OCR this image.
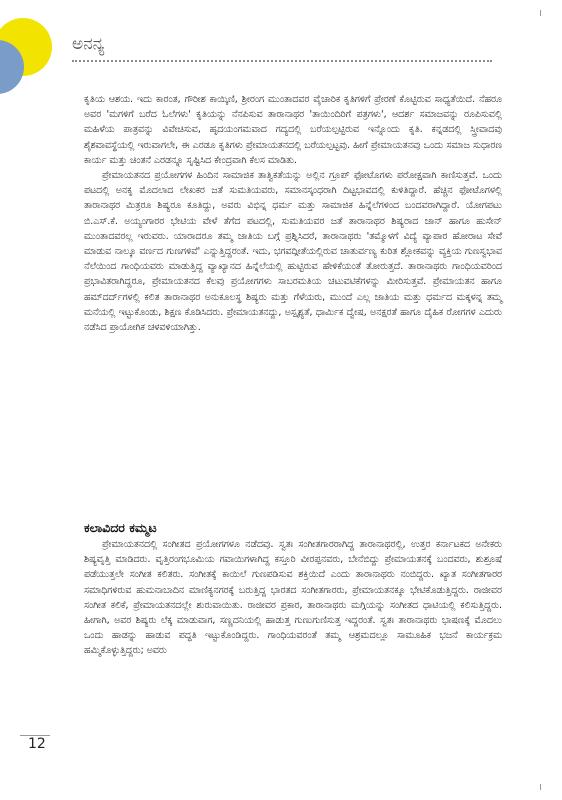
ಅನನ್ಯ

ಕೃತಿಯ ಆಶಯ. ಇದು ಕಾರಂತ, ಗೌರೀಶ ಕಾಯ್ಕಿಣಿ, ಶ್ರೀರಂಗ ಮುಂತಾದವರ ವೈಚಾರಿಕ ಕೃತಿಗಳಿಗೆ ಪ್ರೇರಣೆ ಕೊಟ್ಟಿರುವ ಸಾಧ್ಯತೆಯಿದೆ. ನೆಹರೂ ಅವರ 'ಮಗಳಿಗೆ ಬರೆದ ಓಲೆಗಳು' ಕೃತಿಯನ್ನು ನೆನಪಿಸುವ ತಾರಾನಾಥರ 'ತಾಯಿಂದಿರಿಗೆ ಪತ್ರಗಳು', ಆದರ್ಶ ಸಮಾಜವನ್ನು ರೂಪಿಸುವಲ್ಲಿ ಮಹಿಳೆಯ ಪಾತ್ರವನ್ನು ವಿವೇಚಿಸುವ, ಹೃದಯಂಗಮವಾದ ಗದ್ಯದಲ್ಲಿ ಬರೆಯಲ್ಪಟ್ಟಿರುವ ಇನ್ನೊಂದು ಕೃತಿ. ಕನ್ನಡದಲ್ಲಿ ಸ್ತ್ರೀವಾದವು ಶೈಶವಾವಸ್ಥೆಯಲ್ಲಿ ಇರುವಾಗಲೇ, ಈ ಎರಡೂ ಕೃತಿಗಳು ಪ್ರೇಮಾಯತನದಲ್ಲಿ ಬರೆಯಲ್ಪಟ್ಟವು. ಹೀಗೆ ಪ್ರೇಮಾಯತನವು ಒಂದು ಸಮಾಜ ಸುಧಾರಣ ಕಾರ್ಯ ಮತ್ತು ಚಿಂತನೆ ಎರಡನ್ನೂ ಸೃಷ್ಟಿಸಿದ ಕೇಂದ್ರವಾಗಿ ಕೆಲಸ ಮಾಡಿತು.

ಪ್ರೇಮಾಯತನದ ಪ್ರಯೋಗಗಳ ಹಿಂದಿನ ಸಾಮಾಜಿಕ ತಾತ್ವಿಕತೆಯನ್ನು ಅಲ್ಲಿನ ಗ್ರೂಪ್ ಫೋಟೊಗಳು ಪರೋಕ್ಷವಾಗಿ ಕಾಣಿಸುತ್ತವೆ. ಒಂದು ಪಟದಲ್ಲಿ ಅನಕೃ ಮೊದಲಾದ ಲೇಖಕರ ಜತೆ ಸುಮತಿಯವರು, ಸಮಾನಸ್ಕಂಧರಾಗಿ ದಿಟ್ಟಭಾವದಲ್ಲಿ ಕುಳಿತಿದ್ದಾರೆ. ಹೆಚ್ಚಿನ ಫೋಟೊಗಳಲ್ಲಿ ತಾರಾನಾಥರ ಮಿತ್ರರೂ ಶಿಷ್ಯರೂ ಕೂತಿದ್ದು, ಅವರು ವಿಭಿನ್ನ ಧರ್ಮ ಮತ್ತು ಸಾಮಾಜಿಕ ಹಿನ್ನೆಲೆಗಳಿಂದ ಬಂದವರಾಗಿದ್ದಾರೆ. ಯೋಗಪಟು ಬಿ.ಎಸ್.ಕೆ. ಅಯ್ಯಂಗಾರರ ಭೇಟಿಯ ವೇಳೆ ತೆಗೆದ ಪಟದಲ್ಲಿ, ಸುಮತಿಯವರ ಜತೆ ತಾರಾನಾಥರ ಶಿಷ್ಯರಾದ ಜಾನ್ ಹಾಗೂ ಹುಸೇನ್ ಮುಂತಾದವರಲ್ಲ ಇರುವರು. ಯಾರಾದರೂ ತಮ್ಮ ಜಾತಿಯ ಬಗ್ಗೆ ಪ್ರಶ್ನಿಸಿದರೆ, ತಾರಾನಾಥರು 'ತಮ್ಮೊಳಗೆ ವಿದ್ಯೆ ವ್ಯಾಪಾರ ಹೋರಾಟ ಸೇವೆ ಮಾಡುವ ನಾಲ್ಕೂ ವರ್ಣದ ಗುಣಗಳಿವೆ' ಎನ್ನುತ್ತಿದ್ದರಂತೆ. ಇದು, ಭಗವದ್ಗೀತೆಯಲ್ಲಿರುವ ಚಾತುರ್ವಣ್ಯ ಕುರಿತ ಶ್ಲೋಕವನ್ನು ವ್ಯಕ್ತಿಯ ಗುಣಸ್ವಭಾವ ನೆಲೆಯಿಂದ ಗಾಂಧಿಯವರು ಮಾಡುತ್ತಿದ್ದ ವ್ಯಾಖ್ಯಾನದ ಹಿನ್ನೆಲೆಯಲ್ಲಿ ಹುಟ್ಟಿರುವ ಹೇಳಿಕೆಯಂತೆ ತೋರುತ್ತದೆ. ತಾರಾನಾಥರು ಗಾಂಧಿಯವರಿಂದ ಪ್ರಭಾವಿತರಾಗಿದ್ದರೂ, ಪ್ರೇಮಾಯತನದ ಕೆಲವು ಪ್ರಯೋಗಗಳು ಸಾಬರಮತಿಯ ಚಟುವಟಿಕೆಗಳನ್ನು ಮೀರಿಸುತ್ತವೆ. ಪ್ರೇಮಾಯತನ ಹಾಗೂ ಹಮ್‌ದರ್ದ್‌ಗಳಲ್ಲಿ ಕಲಿತ ತಾರಾನಾಥರ ಅನುಕೂಲಸ್ಥ ಶಿಷ್ಯರು ಮತ್ತು ಗೆಳೆಯರು, ಮುಂದೆ ಎಲ್ಲ ಜಾತಿಯ ಮತ್ತು ಧರ್ಮದ ಮಕ್ಕಳನ್ನ ತಮ್ಮ ಮನೆಯಲ್ಲಿ ಇಟ್ಟುಕೊಂಡು, ಶಿಕ್ಷಣ ಕೊಡಿಸಿದರು. ಪ್ರೇಮಾಯತನದ್ದು, ಅಸ್ಪೃಶ್ಯತೆ, ಧಾರ್ಮಿಕ ದ್ವೇಷ, ಅನಕ್ಷರತೆ ಹಾಗೂ ದೈಹಿಕ ರೋಗಗಳ ಎದುರು ನಡೆಸಿದ ಪ್ರಾಯೋಗಿಕ ಚಳವಳಿಯಾಗಿತ್ತು.

ಕಲಾವಿದರ ಕಮ್ಮಟ

ಪ್ರೇಮಾಯತನದಲ್ಲಿ ಸಂಗೀತದ ಪ್ರಯೋಗಗಳೂ ನಡೆದವು. ಸ್ವತಃ ಸಂಗೀತಗಾರರಾಗಿದ್ದ ತಾರಾನಾಥರಲ್ಲಿ, ಉತ್ತರ ಕರ್ನಾಟಕದ ಅನೇಕರು ಶಿಷ್ಯವೃತ್ತಿ ಮಾಡಿದರು. ವೃತ್ತಿರಂಗಭೂಮಿಯ ಗವಾಯಿಗಳಾಗಿದ್ದ ಕಸ್ತೂರಿ ವೀರಪ್ಪನವರು, ಬೇನೆಬಿದ್ದು ಪ್ರೇಮಾಯತನಕ್ಕೆ ಬಂದವರು, ಶುಶ್ರೂಷೆ ಪಡೆಯುತ್ತಲೇ ಸಂಗೀತ ಕಲಿತರು. ಸಂಗೀತಕ್ಕೆ ಕಾಯಿಲೆ ಗುಣಪಡಿಸುವ ಶಕ್ತಿಯಿದೆ ಎಂದು ತಾರಾನಾಥರು ನಂಬಿದ್ದರು. ಖ್ಯಾತ ಸಂಗೀತಗಾರರ ಸಮಾಧಿಗಳಿರುವ ಹುಮನಾಬಾದಿನ ಮಾಣಿಕ್ಯನಗರಕ್ಕೆ ಬರುತ್ತಿದ್ದ ಭಾರತದ ಸಂಗೀತಗಾರರು, ಪ್ರೇಮಾಯತನಕ್ಕೂ ಭೇಟಿಕೊಡುತ್ತಿದ್ದರು. ರಾಜೀವರ ಸಂಗೀತ ಕಲಿಕೆ, ಪ್ರೇಮಾಯತನದಲ್ಲೇ ಶುರುವಾಯಿತು. ರಾಜೀವರ ಪ್ರಕಾರ, ತಾರಾನಾಥರು ಮಗ್ಗಿಯನ್ನು ಸಂಗೀತದ ಧಾಟಿಯಲ್ಲಿ ಕಲಿಸುತ್ತಿದ್ದರು. ಹೀಗಾಗಿ, ಅವರ ಶಿಷ್ಯರು ಲೆಕ್ಕ ಮಾಡುವಾಗ, ಸಣ್ಣದನಿಯಲ್ಲಿ ಹಾಡುತ್ತ ಗುಣುಗುಣಿಸುತ್ತ ಇದ್ದರಂತೆ. ಸ್ವತಃ ತಾರಾನಾಥರು ಭಾಷಣಕ್ಕೆ ಮೊದಲು ಒಂದು ಹಾಡನ್ನು ಹಾಡುವ ಪದ್ಧತಿ ಇಟ್ಟುಕೊಂಡಿದ್ದರು. ಗಾಂಧಿಯವರಂತೆ ತಮ್ಮ ಆಶ್ರಮದಲ್ಲೂ ಸಾಮೂಹಿಕ ಭಜನೆ ಕಾರ್ಯಕ್ರಮ ಹಮ್ಮಿಕೊಳ್ಳುತ್ತಿದ್ದರು; ಅವರು

12
